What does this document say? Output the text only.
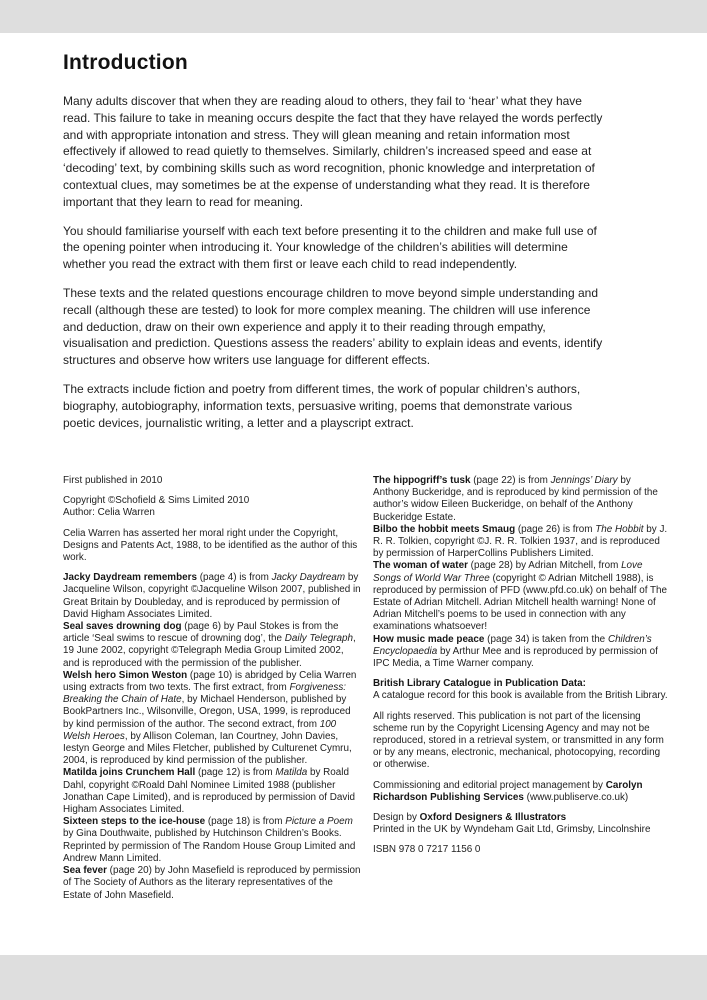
Introduction

Many adults discover that when they are reading aloud to others, they fail to ‘hear’ what they have read. This failure to take in meaning occurs despite the fact that they have relayed the words perfectly and with appropriate intonation and stress. They will glean meaning and retain information most effectively if allowed to read quietly to themselves. Similarly, children’s increased speed and ease at ‘decoding’ text, by combining skills such as word recognition, phonic knowledge and interpretation of contextual clues, may sometimes be at the expense of understanding what they read. It is therefore important that they learn to read for meaning.

You should familiarise yourself with each text before presenting it to the children and make full use of the opening pointer when introducing it. Your knowledge of the children’s abilities will determine whether you read the extract with them first or leave each child to read independently.

These texts and the related questions encourage children to move beyond simple understanding and recall (although these are tested) to look for more complex meaning. The children will use inference and deduction, draw on their own experience and apply it to their reading through empathy, visualisation and prediction. Questions assess the readers’ ability to explain ideas and events, identify structures and observe how writers use language for different effects.

The extracts include fiction and poetry from different times, the work of popular children’s authors, biography, autobiography, information texts, persuasive writing, poems that demonstrate various poetic devices, journalistic writing, a letter and a playscript extract.

First published in 2010
Copyright ©Schofield & Sims Limited 2010
Author: Celia Warren
Celia Warren has asserted her moral right under the Copyright, Designs and Patents Act, 1988, to be identified as the author of this work.
Jacky Daydream remembers (page 4) is from Jacky Daydream by Jacqueline Wilson, copyright ©Jacqueline Wilson 2007, published in Great Britain by Doubleday, and is reproduced by permission of David Higham Associates Limited.
Seal saves drowning dog (page 6) by Paul Stokes is from the article ‘Seal swims to rescue of drowning dog’, the Daily Telegraph, 19 June 2002, copyright ©Telegraph Media Group Limited 2002, and is reproduced with the permission of the publisher.
Welsh hero Simon Weston (page 10) is abridged by Celia Warren using extracts from two texts. The first extract, from Forgiveness: Breaking the Chain of Hate, by Michael Henderson, published by BookPartners Inc., Wilsonville, Oregon, USA, 1999, is reproduced by kind permission of the author. The second extract, from 100 Welsh Heroes, by Allison Coleman, Ian Courtney, John Davies, Iestyn George and Miles Fletcher, published by Culturenet Cymru, 2004, is reproduced by kind permission of the publisher.
Matilda joins Crunchem Hall (page 12) is from Matilda by Roald Dahl, copyright ©Roald Dahl Nominee Limited 1988 (publisher Jonathan Cape Limited), and is reproduced by permission of David Higham Associates Limited.
Sixteen steps to the ice-house (page 18) is from Picture a Poem by Gina Douthwaite, published by Hutchinson Children’s Books. Reprinted by permission of The Random House Group Limited and Andrew Mann Limited.
Sea fever (page 20) by John Masefield is reproduced by permission of The Society of Authors as the literary representatives of the Estate of John Masefield.
The hippogriff’s tusk (page 22) is from Jennings’ Diary by Anthony Buckeridge, and is reproduced by kind permission of the author’s widow Eileen Buckeridge, on behalf of the Anthony Buckeridge Estate.
Bilbo the hobbit meets Smaug (page 26) is from The Hobbit by J. R. R. Tolkien, copyright ©J. R. R. Tolkien 1937, and is reproduced by permission of HarperCollins Publishers Limited.
The woman of water (page 28) by Adrian Mitchell, from Love Songs of World War Three (copyright © Adrian Mitchell 1988), is reproduced by permission of PFD (www.pfd.co.uk) on behalf of The Estate of Adrian Mitchell. Adrian Mitchell health warning! None of Adrian Mitchell’s poems to be used in connection with any examinations whatsoever!
How music made peace (page 34) is taken from the Children’s Encyclopaedia by Arthur Mee and is reproduced by permission of IPC Media, a Time Warner company.
British Library Catalogue in Publication Data:
A catalogue record for this book is available from the British Library.
All rights reserved. This publication is not part of the licensing scheme run by the Copyright Licensing Agency and may not be reproduced, stored in a retrieval system, or transmitted in any form or by any means, electronic, mechanical, photocopying, recording or otherwise.
Commissioning and editorial project management by Carolyn Richardson Publishing Services (www.publiserve.co.uk)
Design by Oxford Designers & Illustrators
Printed in the UK by Wyndeham Gait Ltd, Grimsby, Lincolnshire
ISBN 978 0 7217 1156 0
